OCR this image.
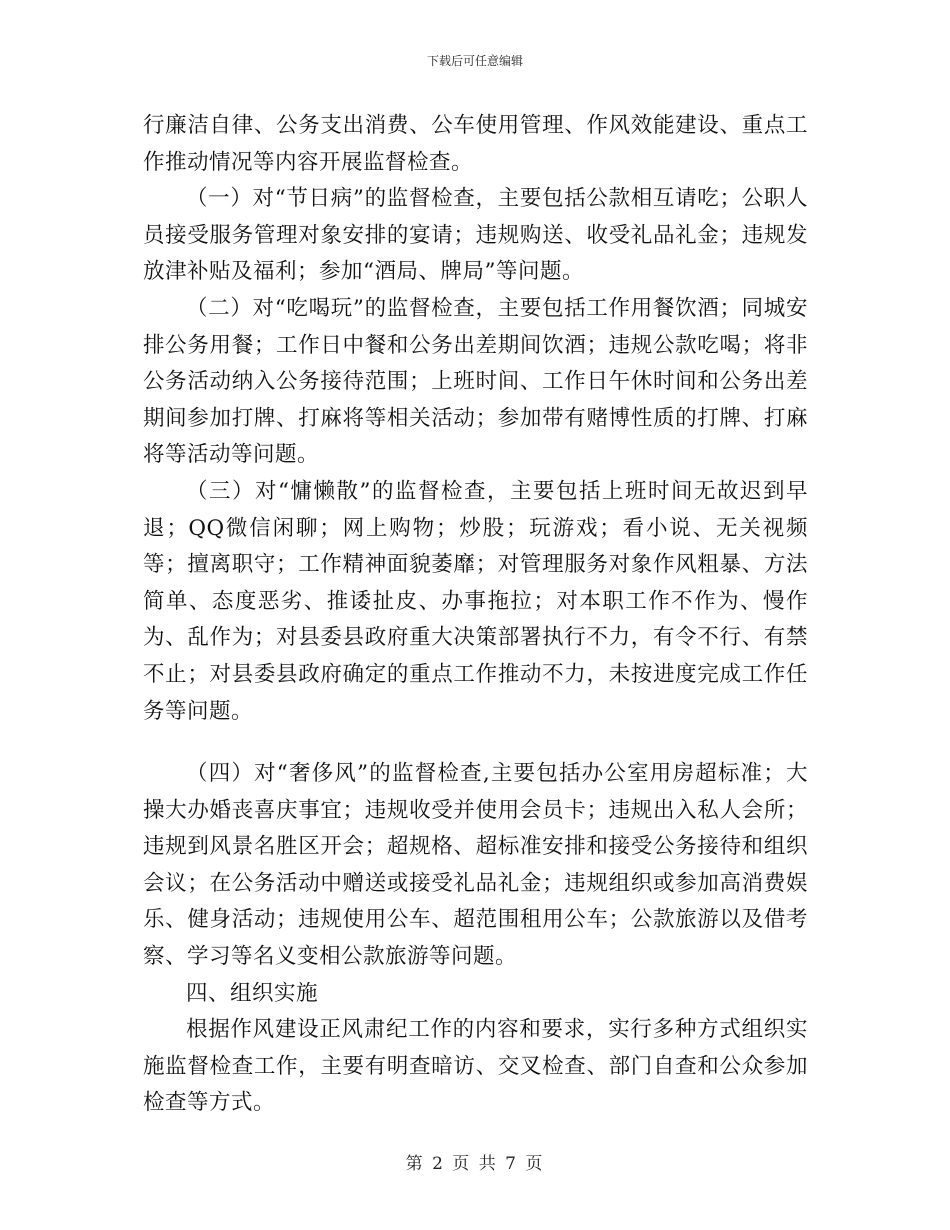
下载后可任意编辑

行廉洁自律、公务支出消费、公车使用管理、作风效能建设、重点工作推动情况等内容开展监督检查。

（一）对“节日病”的监督检查，主要包括公款相互请吃；公职人员接受服务管理对象安排的宴请；违规购送、收受礼品礼金；违规发放津补贴及福利；参加“酒局、牌局”等问题。

（二）对“吃喝玩”的监督检查，主要包括工作用餐饮酒；同城安排公务用餐；工作日中餐和公务出差期间饮酒；违规公款吃喝；将非公务活动纳入公务接待范围；上班时间、工作日午休时间和公务出差期间参加打牌、打麻将等相关活动；参加带有赌博性质的打牌、打麻将等活动等问题。

（三）对“慵懒散”的监督检查，主要包括上班时间无故迟到早退；QQ微信闲聊；网上购物；炒股；玩游戏；看小说、无关视频等；擅离职守；工作精神面貌萎靡；对管理服务对象作风粗暴、方法简单、态度恶劣、推诿扯皮、办事拖拉；对本职工作不作为、慢作为、乱作为；对县委县政府重大决策部署执行不力，有令不行、有禁不止；对县委县政府确定的重点工作推动不力，未按进度完成工作任务等问题。

（四）对“奢侈风”的监督检查,主要包括办公室用房超标准；大操大办婚丧喜庆事宜；违规收受并使用会员卡；违规出入私人会所；违规到风景名胜区开会；超规格、超标准安排和接受公务接待和组织会议；在公务活动中赠送或接受礼品礼金；违规组织或参加高消费娱乐、健身活动；违规使用公车、超范围租用公车；公款旅游以及借考察、学习等名义变相公款旅游等问题。

四、组织实施

根据作风建设正风肃纪工作的内容和要求，实行多种方式组织实施监督检查工作，主要有明查暗访、交叉检查、部门自查和公众参加检查等方式。

第 2 页 共 7 页
